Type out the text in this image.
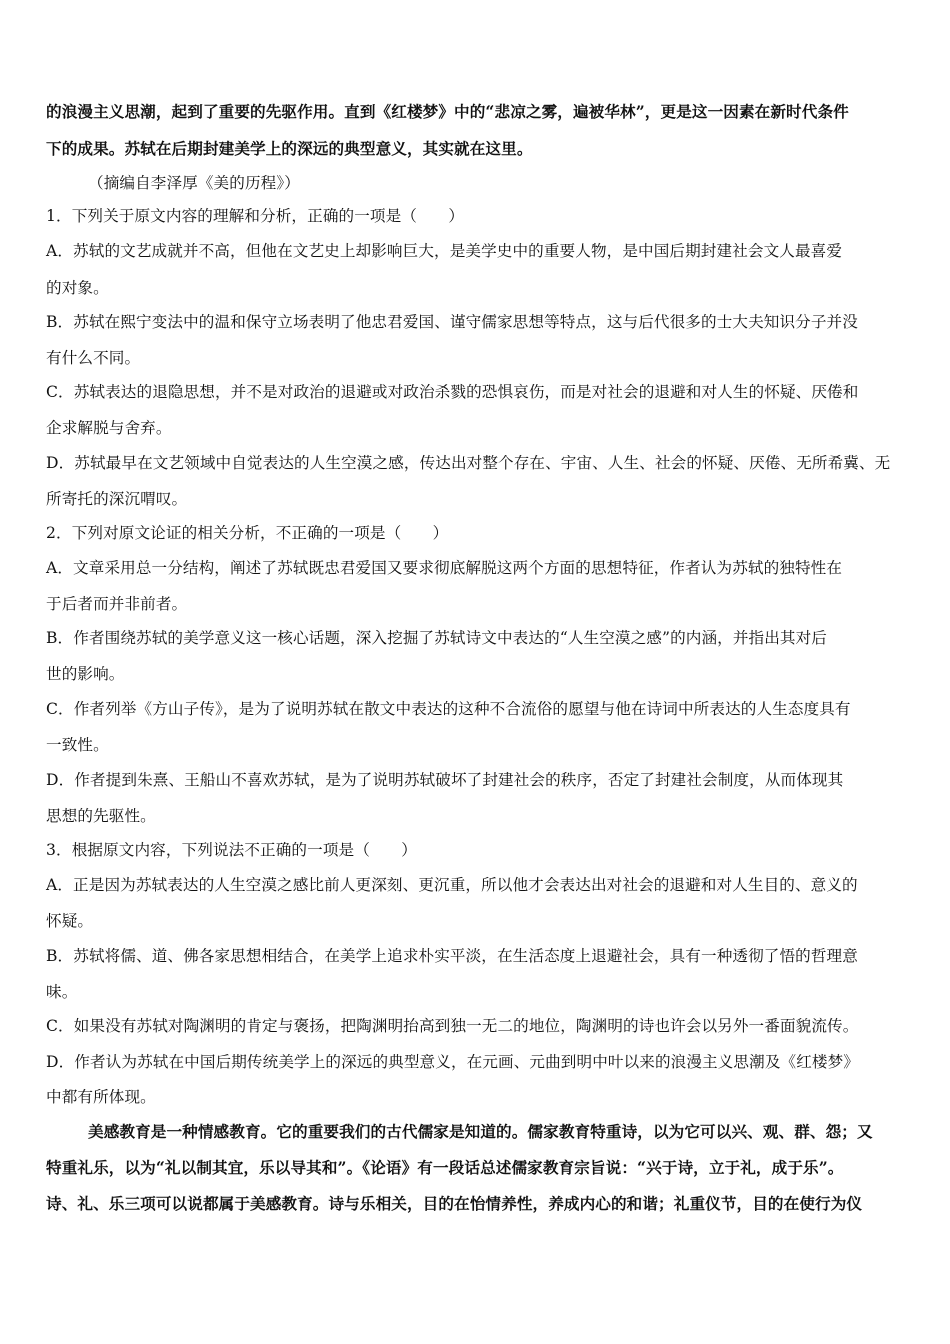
的浪漫主义思潮，起到了重要的先驱作用。直到《红楼梦》中的“悲凉之雾，遍被华林”，更是这一因素在新时代条件
下的成果。苏轼在后期封建美学上的深远的典型意义，其实就在这里。
（摘编自李泽厚《美的历程》）
1．下列关于原文内容的理解和分析，正确的一项是（　　）
A．苏轼的文艺成就并不高，但他在文艺史上却影响巨大，是美学史中的重要人物，是中国后期封建社会文人最喜爱
的对象。
B．苏轼在熙宁变法中的温和保守立场表明了他忠君爱国、谨守儒家思想等特点，这与后代很多的士大夫知识分子并没
有什么不同。
C．苏轼表达的退隐思想，并不是对政治的退避或对政治杀戮的恐惧哀伤，而是对社会的退避和对人生的怀疑、厌倦和
企求解脱与舍弃。
D．苏轼最早在文艺领域中自觉表达的人生空漠之感，传达出对整个存在、宇宙、人生、社会的怀疑、厌倦、无所希冀、无
所寄托的深沉喟叹。
2．下列对原文论证的相关分析，不正确的一项是（　　）
A．文章采用总一分结构，阐述了苏轼既忠君爱国又要求彻底解脱这两个方面的思想特征，作者认为苏轼的独特性在
于后者而并非前者。
B．作者围绕苏轼的美学意义这一核心话题，深入挖掘了苏轼诗文中表达的“人生空漠之感”的内涵，并指出其对后
世的影响。
C．作者列举《方山子传》，是为了说明苏轼在散文中表达的这种不合流俗的愿望与他在诗词中所表达的人生态度具有
一致性。
D．作者提到朱熹、王船山不喜欢苏轼，是为了说明苏轼破坏了封建社会的秩序，否定了封建社会制度，从而体现其
思想的先驱性。
3．根据原文内容，下列说法不正确的一项是（　　）
A．正是因为苏轼表达的人生空漠之感比前人更深刻、更沉重，所以他才会表达出对社会的退避和对人生目的、意义的
怀疑。
B．苏轼将儒、道、佛各家思想相结合，在美学上追求朴实平淡，在生活态度上退避社会，具有一种透彻了悟的哲理意
味。
C．如果没有苏轼对陶渊明的肯定与褒扬，把陶渊明抬高到独一无二的地位，陶渊明的诗也许会以另外一番面貌流传。
D．作者认为苏轼在中国后期传统美学上的深远的典型意义，在元画、元曲到明中叶以来的浪漫主义思潮及《红楼梦》
中都有所体现。
美感教育是一种情感教育。它的重要我们的古代儒家是知道的。儒家教育特重诗，以为它可以兴、观、群、怨；又
特重礼乐，以为“礼以制其宜，乐以导其和”。《论语》有一段话总述儒家教育宗旨说：“兴于诗，立于礼，成于乐”。
诗、礼、乐三项可以说都属于美感教育。诗与乐相关，目的在怡情养性，养成内心的和谐；礼重仪节，目的在使行为仪
